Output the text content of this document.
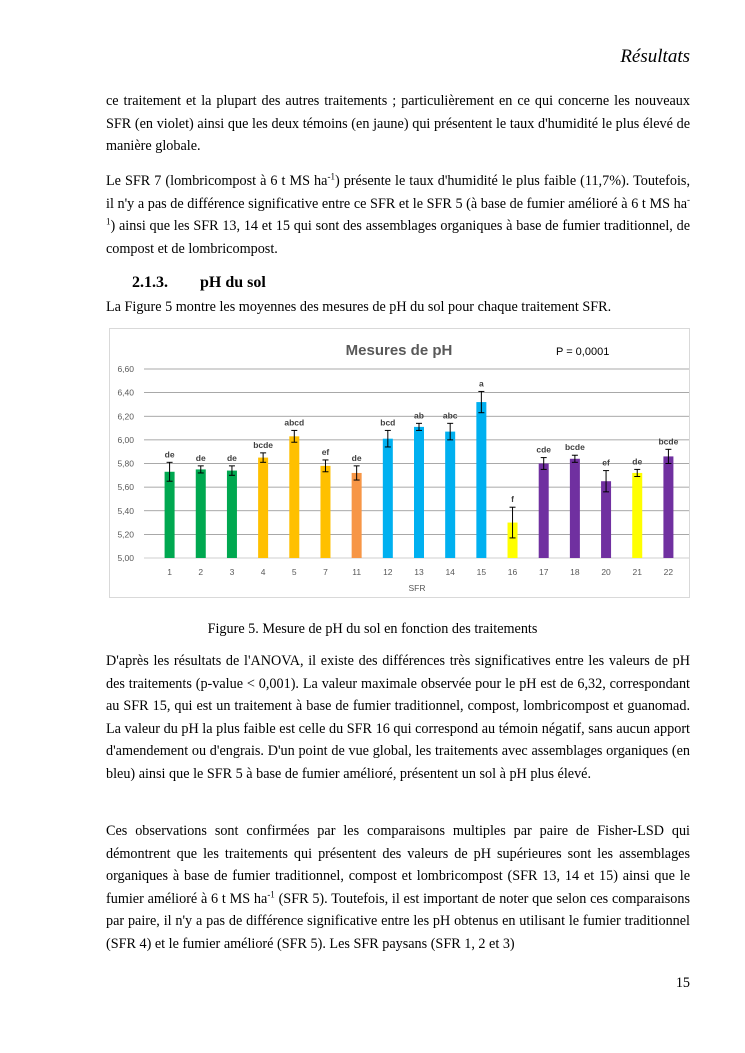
Résultats

ce traitement et la plupart des autres traitements ; particulièrement en ce qui concerne les nouveaux SFR (en violet) ainsi que les deux témoins (en jaune) qui présentent le taux d'humidité le plus élevé de manière globale.

Le SFR 7 (lombricompost à 6 t MS $ha^{-1}$) présente le taux d'humidité le plus faible (11,7%). Toutefois, il n'y a pas de différence significative entre ce SFR et le SFR 5 (à base de fumier amélioré à 6 t MS $ha^{-1}$) ainsi que les SFR 13, 14 et 15 qui sont des assemblages organiques à base de fumier traditionnel, de compost et de lombricompost.

2.1.3. pH du sol

La Figure 5 montre les moyennes des mesures de pH du sol pour chaque traitement SFR.

Mesures de pH	P = 0,0001
5,00
5,20
5,40
5,60
5,80
6,00
6,20
6,40
6,60
de
1
de
2
de
3
bcde
4
abcd
5
ef
7
de
11
bcd
12
ab
13
abc
14
a
15
f
16
cde
17
bcde
18
ef
20
de
21
bcde
22
SFR
Figure 5. Mesure de pH du sol en fonction des traitements

D'après les résultats de l'ANOVA, il existe des différences très significatives entre les valeurs de pH des traitements (p-value < 0,001). La valeur maximale observée pour le pH est de 6,32, correspondant au SFR 15, qui est un traitement à base de fumier traditionnel, compost, lombricompost et guanomad. La valeur du pH la plus faible est celle du SFR 16 qui correspond au témoin négatif, sans aucun apport d'amendement ou d'engrais. D'un point de vue global, les traitements avec assemblages organiques (en bleu) ainsi que le SFR 5 à base de fumier amélioré, présentent un sol à pH plus élevé.

Ces observations sont confirmées par les comparaisons multiples par paire de Fisher-LSD qui démontrent que les traitements qui présentent des valeurs de pH supérieures sont les assemblages organiques à base de fumier traditionnel, compost et lombricompost (SFR 13, 14 et 15) ainsi que le fumier amélioré à 6 t MS $ha^{-1}$ (SFR 5). Toutefois, il est important de noter que selon ces comparaisons par paire, il n'y a pas de différence significative entre les pH obtenus en utilisant le fumier traditionnel (SFR 4) et le fumier amélioré (SFR 5). Les SFR paysans (SFR 1, 2 et 3)

15
